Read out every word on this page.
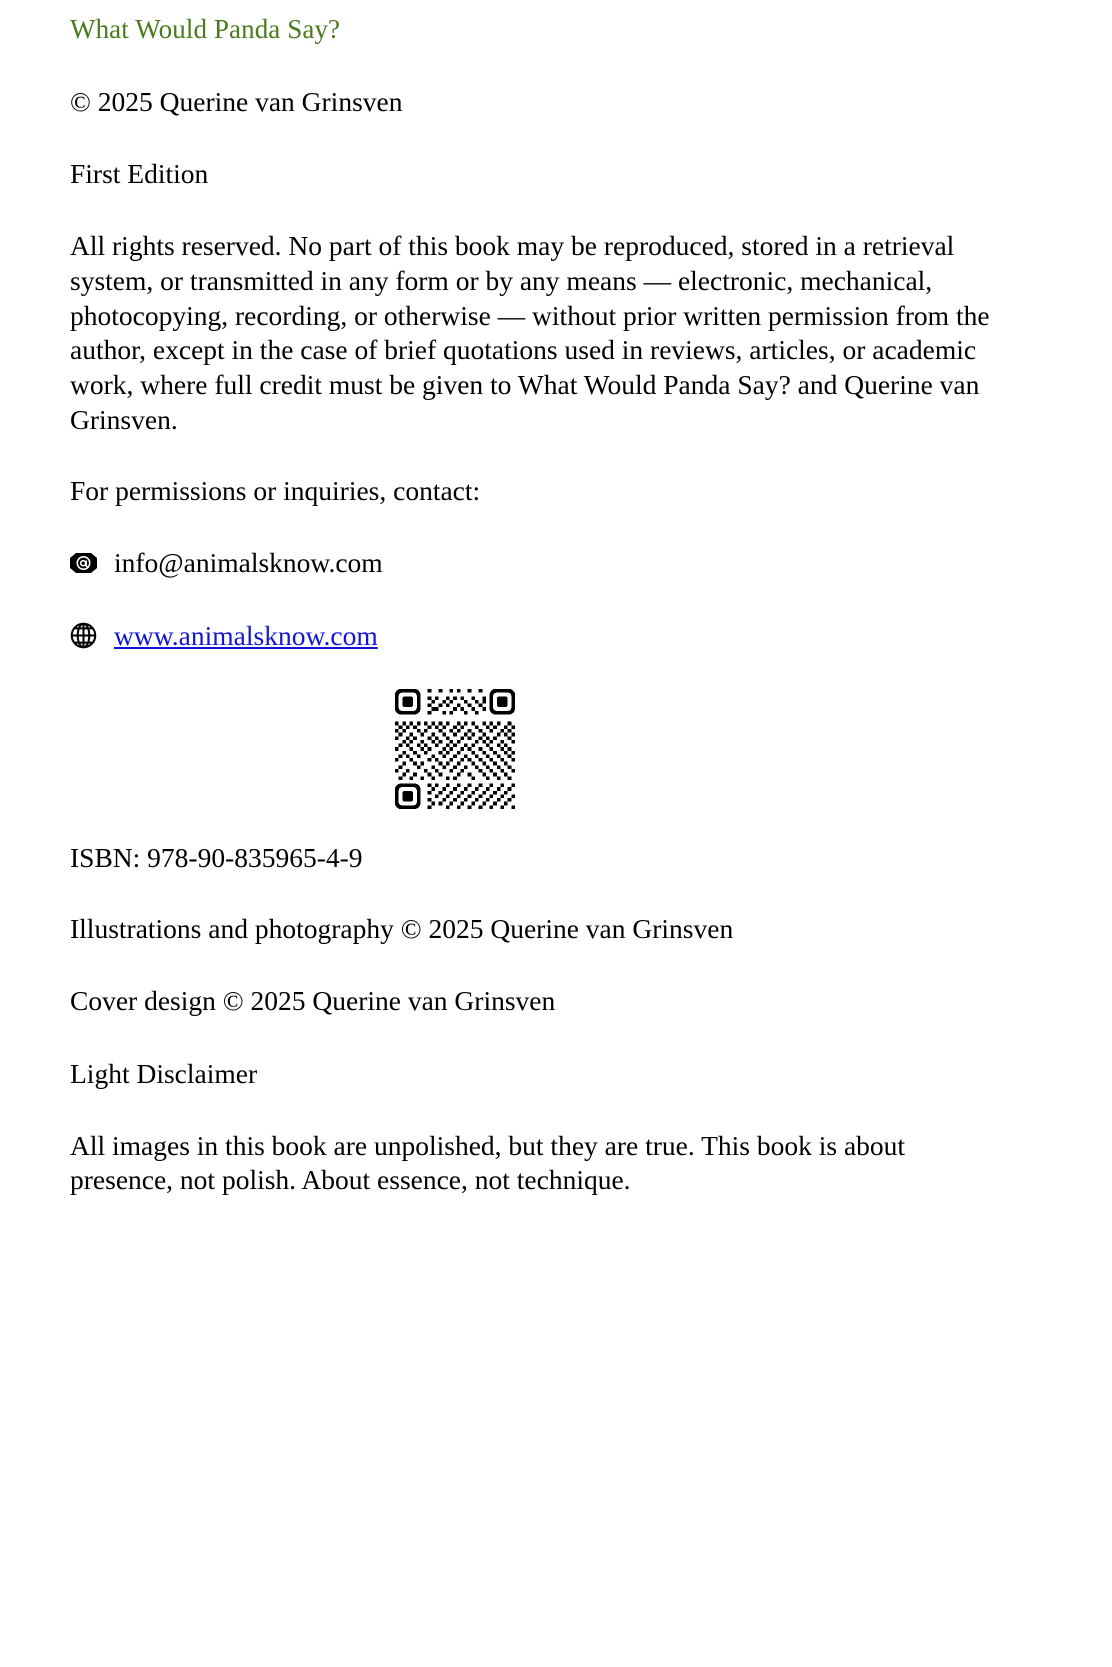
What Would Panda Say?
© 2025 Querine van Grinsven
First Edition
All rights reserved. No part of this book may be reproduced, stored in a retrieval system, or transmitted in any form or by any means — electronic, mechanical, photocopying, recording, or otherwise — without prior written permission from the author, except in the case of brief quotations used in reviews, articles, or academic work, where full credit must be given to What Would Panda Say? and Querine van Grinsven.
For permissions or inquiries, contact:
info@animalsknow.com
www.animalsknow.com
ISBN: 978-90-835965-4-9
Illustrations and photography © 2025 Querine van Grinsven
Cover design © 2025 Querine van Grinsven
Light Disclaimer
All images in this book are unpolished, but they are true. This book is about presence, not polish. About essence, not technique.
